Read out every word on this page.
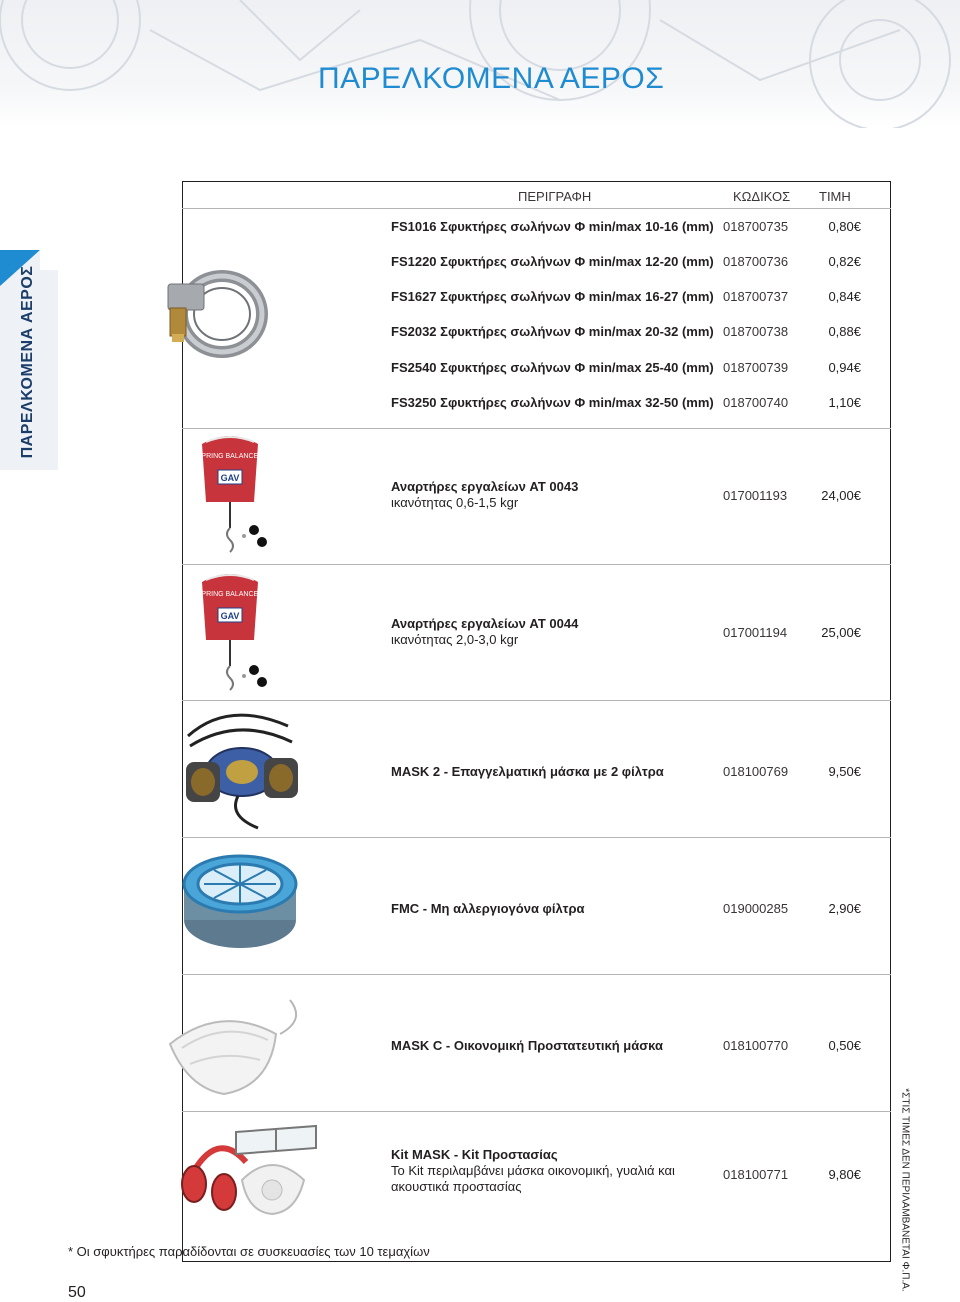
ΠΑΡΕΛΚΟΜΕΝΑ ΑΕΡΟΣ
ΠΑΡΕΛΚΟΜΕΝΑ ΑΕΡΟΣ
ΠΕΡΙΓΡΑΦΗ	ΚΩΔΙΚΟΣ ΤΙΜΗ
FS1016 Σφυκτήρες σωλήνων Φ min/max 10-16 (mm) 018700735	0,80€
FS1220 Σφυκτήρες σωλήνων Φ min/max 12-20 (mm) 018700736	0,82€
FS1627 Σφυκτήρες σωλήνων Φ min/max 16-27 (mm) 018700737	0,84€
FS2032 Σφυκτήρες σωλήνων Φ min/max 20-32 (mm) 018700738	0,88€
FS2540 Σφυκτήρες σωλήνων Φ min/max 25-40 (mm) 018700739	0,94€
FS3250 Σφυκτήρες σωλήνων Φ min/max 32-50 (mm) 018700740	1,10€
Αναρτήρες εργαλείων AT 0043
ικανότητας 0,6-1,5 kgr	017001193	24,00€
SPRING BALANCER
GAV
Αναρτήρες εργαλείων AT 0044
ικανότητας 2,0-3,0 kgr	017001194	25,00€
SPRING BALANCER
GAV
MASK 2 - Επαγγελματική μάσκα με 2 φίλτρα	018100769	9,50€
FMC - Μη αλλεργιογόνα φίλτρα	019000285	2,90€
MASK C - Οικονομική Προστατευτική μάσκα	018100770	0,50€
Kit MASK - Kit Προστασίας
Το Kit περιλαμβάνει μάσκα οικονομική, γυαλιά και ακουστικά προστασίας
018100771	9,80€
* Οι σφυκτήρες παραδίδονται σε συσκευασίες των 10 τεμαχίων
50
*ΣΤΙΣ ΤΙΜΕΣ ΔΕΝ ΠΕΡΙΛΑΜΒΑΝΕΤΑΙ Φ.Π.Α.
